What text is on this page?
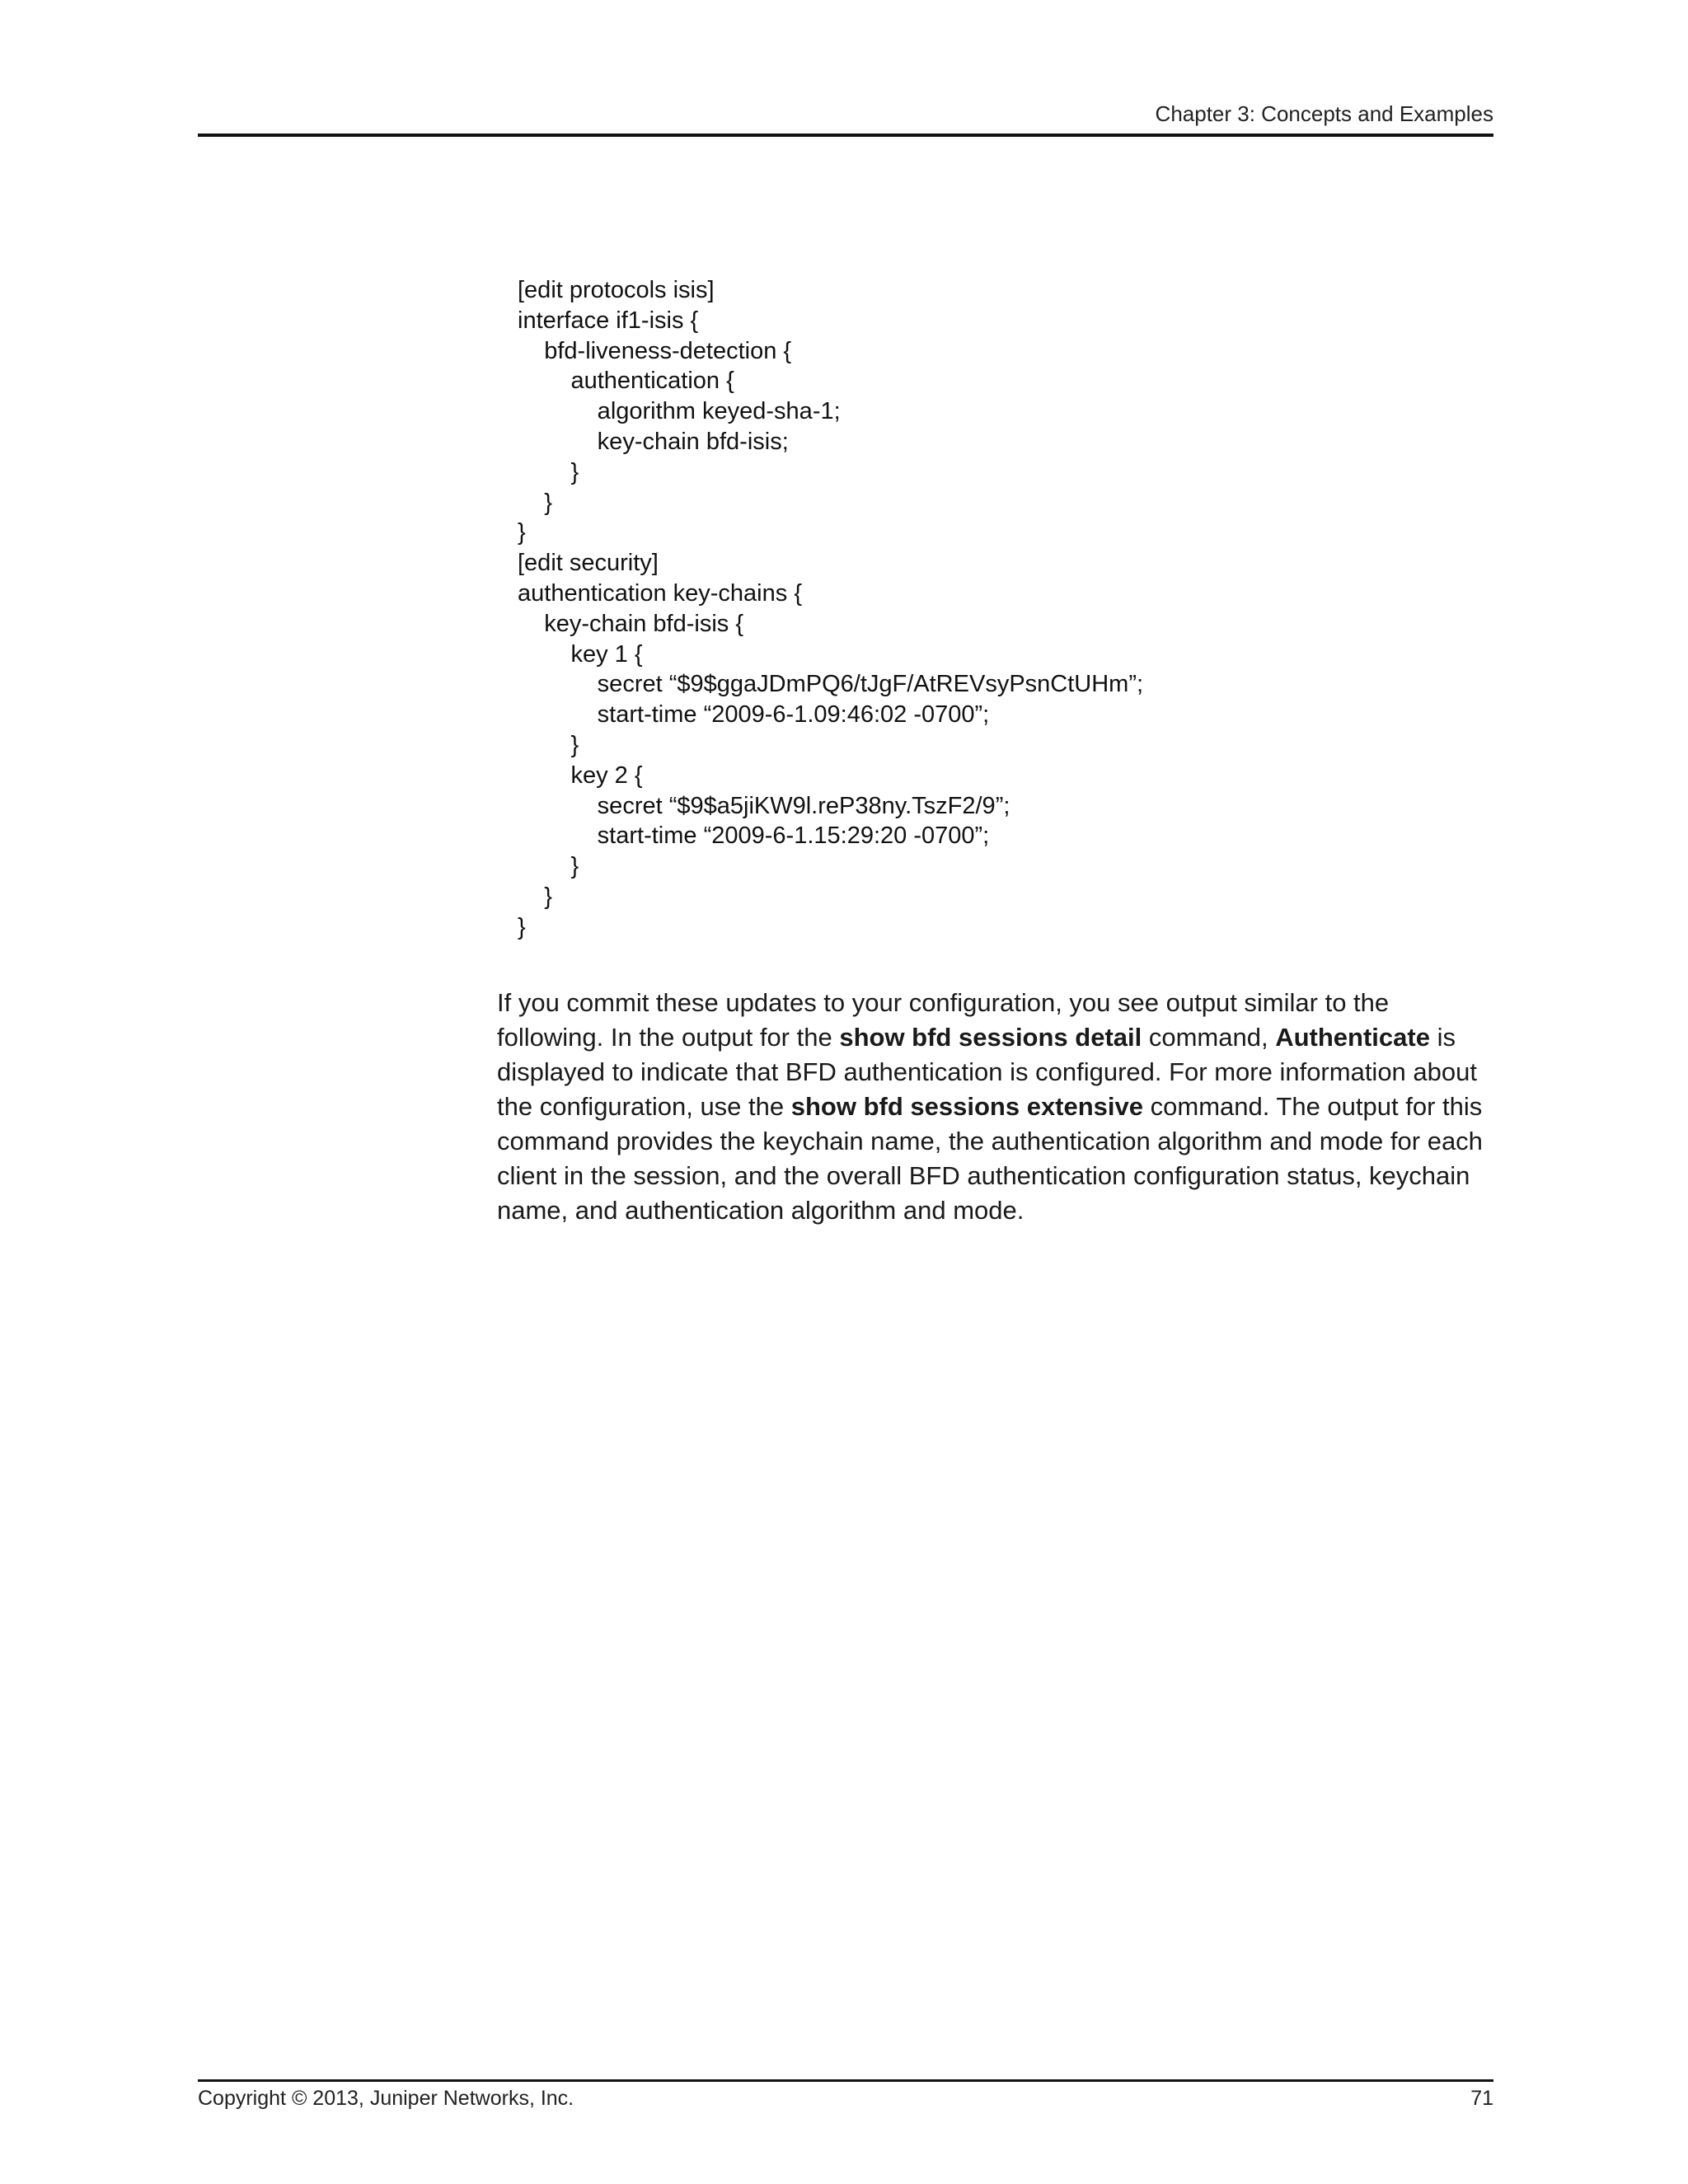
Chapter 3: Concepts and Examples
[edit protocols isis]
interface if1-isis {
bfd-liveness-detection {
authentication {
algorithm keyed-sha-1;
key-chain bfd-isis;
}
}
}
[edit security]
authentication key-chains {
key-chain bfd-isis {
key 1 {
secret “$9$ggaJDmPQ6/tJgF/AtREVsyPsnCtUHm”;
start-time “2009-6-1.09:46:02 -0700”;
}
key 2 {
secret “$9$a5jiKW9l.reP38ny.TszF2/9”;
start-time “2009-6-1.15:29:20 -0700”;
}
}
}

If you commit these updates to your configuration, you see output similar to the following. In the output for the show bfd sessions detail command, Authenticate is displayed to indicate that BFD authentication is configured. For more information about the configuration, use the show bfd sessions extensive command. The output for this command provides the keychain name, the authentication algorithm and mode for each client in the session, and the overall BFD authentication configuration status, keychain name, and authentication algorithm and mode.

Copyright © 2013, Juniper Networks, Inc.	71
